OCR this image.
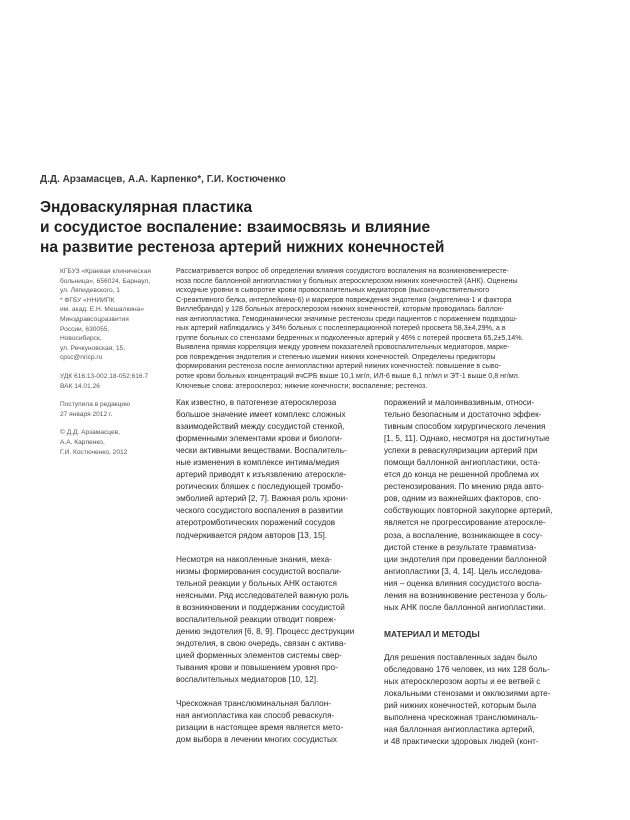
Д.Д. Арзамасцев, А.А. Карпенко*, Г.И. Костюченко
Эндоваскулярная пластика
и сосудистое воспаление: взаимосвязь и влияние
на развитие рестеноза артерий нижних конечностей
КГБУЗ «Краевая клиническая
больница», 656024, Барнаул,
ул. Ляпидевского, 1
* ФГБУ «ННИИПК
им. акад. Е.Н. Мешалкина»
Минздравсоцразвития
России, 630055,
Новосибирск,
ул. Речкуновская, 15,
cpsc@nricp.ru
УДК 616:13-002.18-052:616.7
ВАК 14.01.26
Поступила в редакцию
27 января 2012 г.
© Д.Д. Арзамасцев,
А.А. Карпенко,
Г.И. Костюченко, 2012
Рассматривается вопрос об определении влияния сосудистого воспаления на возникновениересте-
ноза после баллонной ангиопластики у больных атеросклерозом нижних конечностей (АНК). Оценены
исходные уровни в сыворотке крови провоспалительных медиаторов (высокочувствительного
С-реактивного белка, интерлейкина-6) и маркеров повреждения эндотелия (эндотелина-1 и фактора
Виллебранда) у 128 больных атеросклерозом нижних конечностей, которым проводилась баллон-
ная ангиопластика. Гемодинамически значимые рестенозы среди пациентов с поражением подвздош-
ных артерий наблюдались у 34% больных с послеоперационной потерей просвета 58,3±4,29%, а в
группе больных со стенозами бедренных и подколенных артерий у 46% с потерей просвета 65,2±5,14%.
Выявлена прямая корреляция между уровнем показателей провоспалительных медиаторов, марке-
ров повреждения эндотелия и степенью ишемии нижних конечностей. Определены предикторы
формирования рестеноза после ангиопластики артерий нижних конечностей: повышение в сыво-
ротке крови больных концентраций вчСРБ выше 10,1 мг/л, ИЛ-6 выше 6,1 пг/мл и ЭТ-1 выше 0,8 нг/мл.
Ключевые слова: атеросклероз; нижние конечности; воспаление; рестеноз.
Как известно, в патогенезе атеросклероза
большое значение имеет комплекс сложных
взаимодействий между сосудистой стенкой,
форменными элементами крови и биологи-
чески активными веществами. Воспалитель-
ные изменения в комплексе интима/медия
артерий приводят к изъязвлению атероскле-
ротических бляшек с последующей тромбо-
эмболией артерий [2, 7]. Важная роль хрони-
ческого сосудистого воспаления в развитии
атеротромботических поражений сосудов
подчеркивается рядом авторов [13, 15].
Несмотря на накопленные знания, меха-
низмы формирования сосудистой воспали-
тельной реакции у больных АНК остаются
неясными. Ряд исследователей важную роль
в возникновении и поддержании сосудистой
воспалительной реакции отводит повреж-
дению эндотелия [6, 8, 9]. Процесс деструкции
эндотелия, в свою очередь, связан с актива-
цией форменных элементов системы свер-
тывания крови и повышением уровня про-
воспалительных медиаторов [10, 12].
Чрескожная транслюминальная баллон-
ная ангиопластика как способ реваскуля-
ризации в настоящее время является мето-
дом выбора в лечении многих сосудистых
поражений и малоинвазивным, относи-
тельно безопасным и достаточно эффек-
тивным способом хирургического лечения
[1, 5, 11]. Однако, несмотря на достигнутые
успехи в реваскуляризации артерий при
помощи баллонной ангиопластики, оста-
ется до конца не решенной проблема их
рестенозирования. По мнению ряда авто-
ров, одним из важнейших факторов, спо-
собствующих повторной закупорке артерий,
является не прогрессирование атероскле-
роза, а воспаление, возникающее в сосу-
дистой стенке в результате травматиза-
ции эндотелия при проведении баллонной
ангиопластики [3, 4, 14]. Цель исследова-
ния – оценка влияния сосудистого воспа-
ления на возникновение рестеноза у боль-
ных АНК после баллонной ангиопластики.
МАТЕРИАЛ И МЕТОДЫ
Для решения поставленных задач было
обследовано 176 человек, из них 128 боль-
ных атеросклерозом аорты и ее ветвей с
локальными стенозами и окклюзиями арте-
рий нижних конечностей, которым была
выполнена чрескожная транслюминаль-
ная баллонная ангиопластика артерий,
и 48 практически здоровых людей (конт-
